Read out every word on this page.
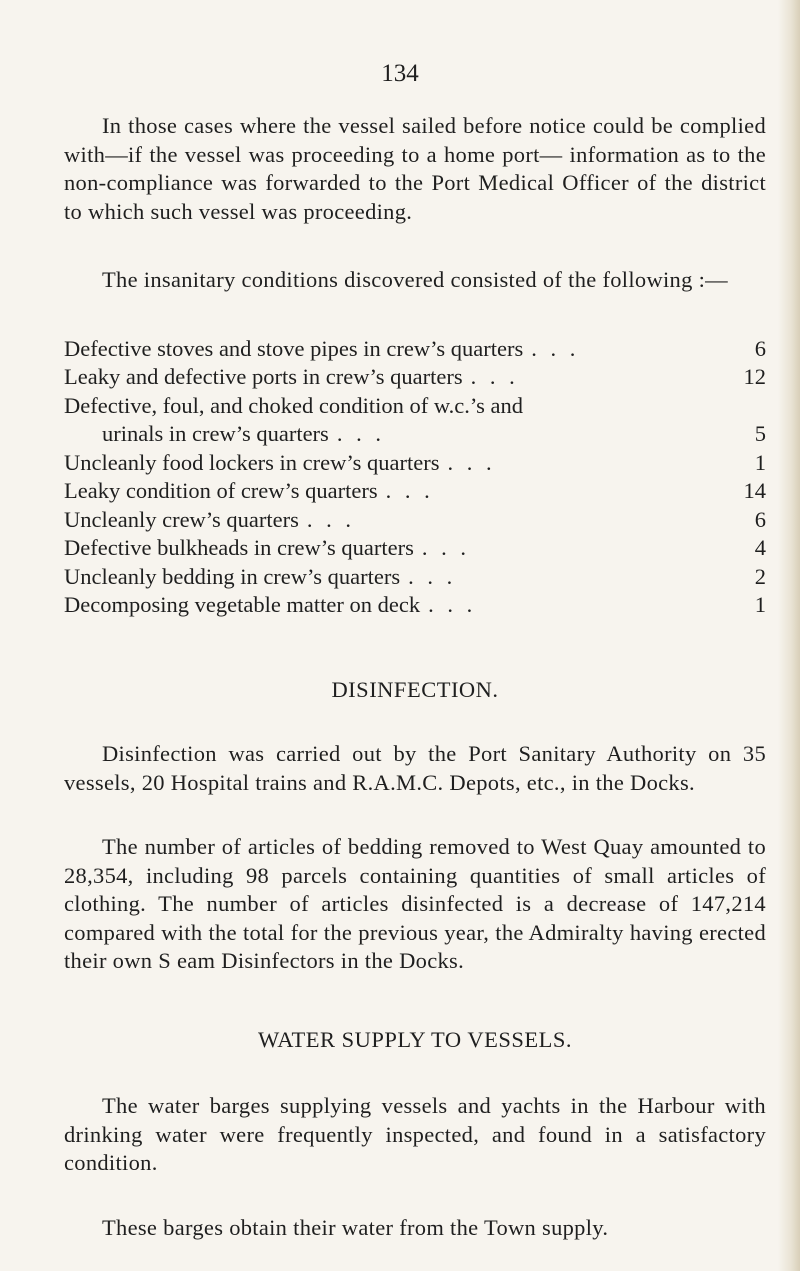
134

In those cases where the vessel sailed before notice could be complied with—if the vessel was proceeding to a home port— information as to the non-compliance was forwarded to the Port Medical Officer of the district to which such vessel was proceeding.

The insanitary conditions discovered consisted of the following :—

Defective stoves and stove pipes in crew’s quarters . . .	6
Leaky and defective ports in crew’s quarters . . .	12
Defective, foul, and choked condition of w.c.’s and
urinals in crew’s quarters . . .	5
Uncleanly food lockers in crew’s quarters . . .	1
Leaky condition of crew’s quarters . . .	14
Uncleanly crew’s quarters . . .	6
Defective bulkheads in crew’s quarters . . .	4
Uncleanly bedding in crew’s quarters . . .	2
Decomposing vegetable matter on deck . . .	1
DISINFECTION.

Disinfection was carried out by the Port Sanitary Authority on 35 vessels, 20 Hospital trains and R.A.M.C. Depots, etc., in the Docks.

The number of articles of bedding removed to West Quay amounted to 28,354, including 98 parcels containing quantities of small articles of clothing. The number of articles disinfected is a decrease of 147,214 compared with the total for the previous year, the Admiralty having erected their own S eam Disinfectors in the Docks.

WATER SUPPLY TO VESSELS.

The water barges supplying vessels and yachts in the Harbour with drinking water were frequently inspected, and found in a satisfactory condition.

These barges obtain their water from the Town supply.
